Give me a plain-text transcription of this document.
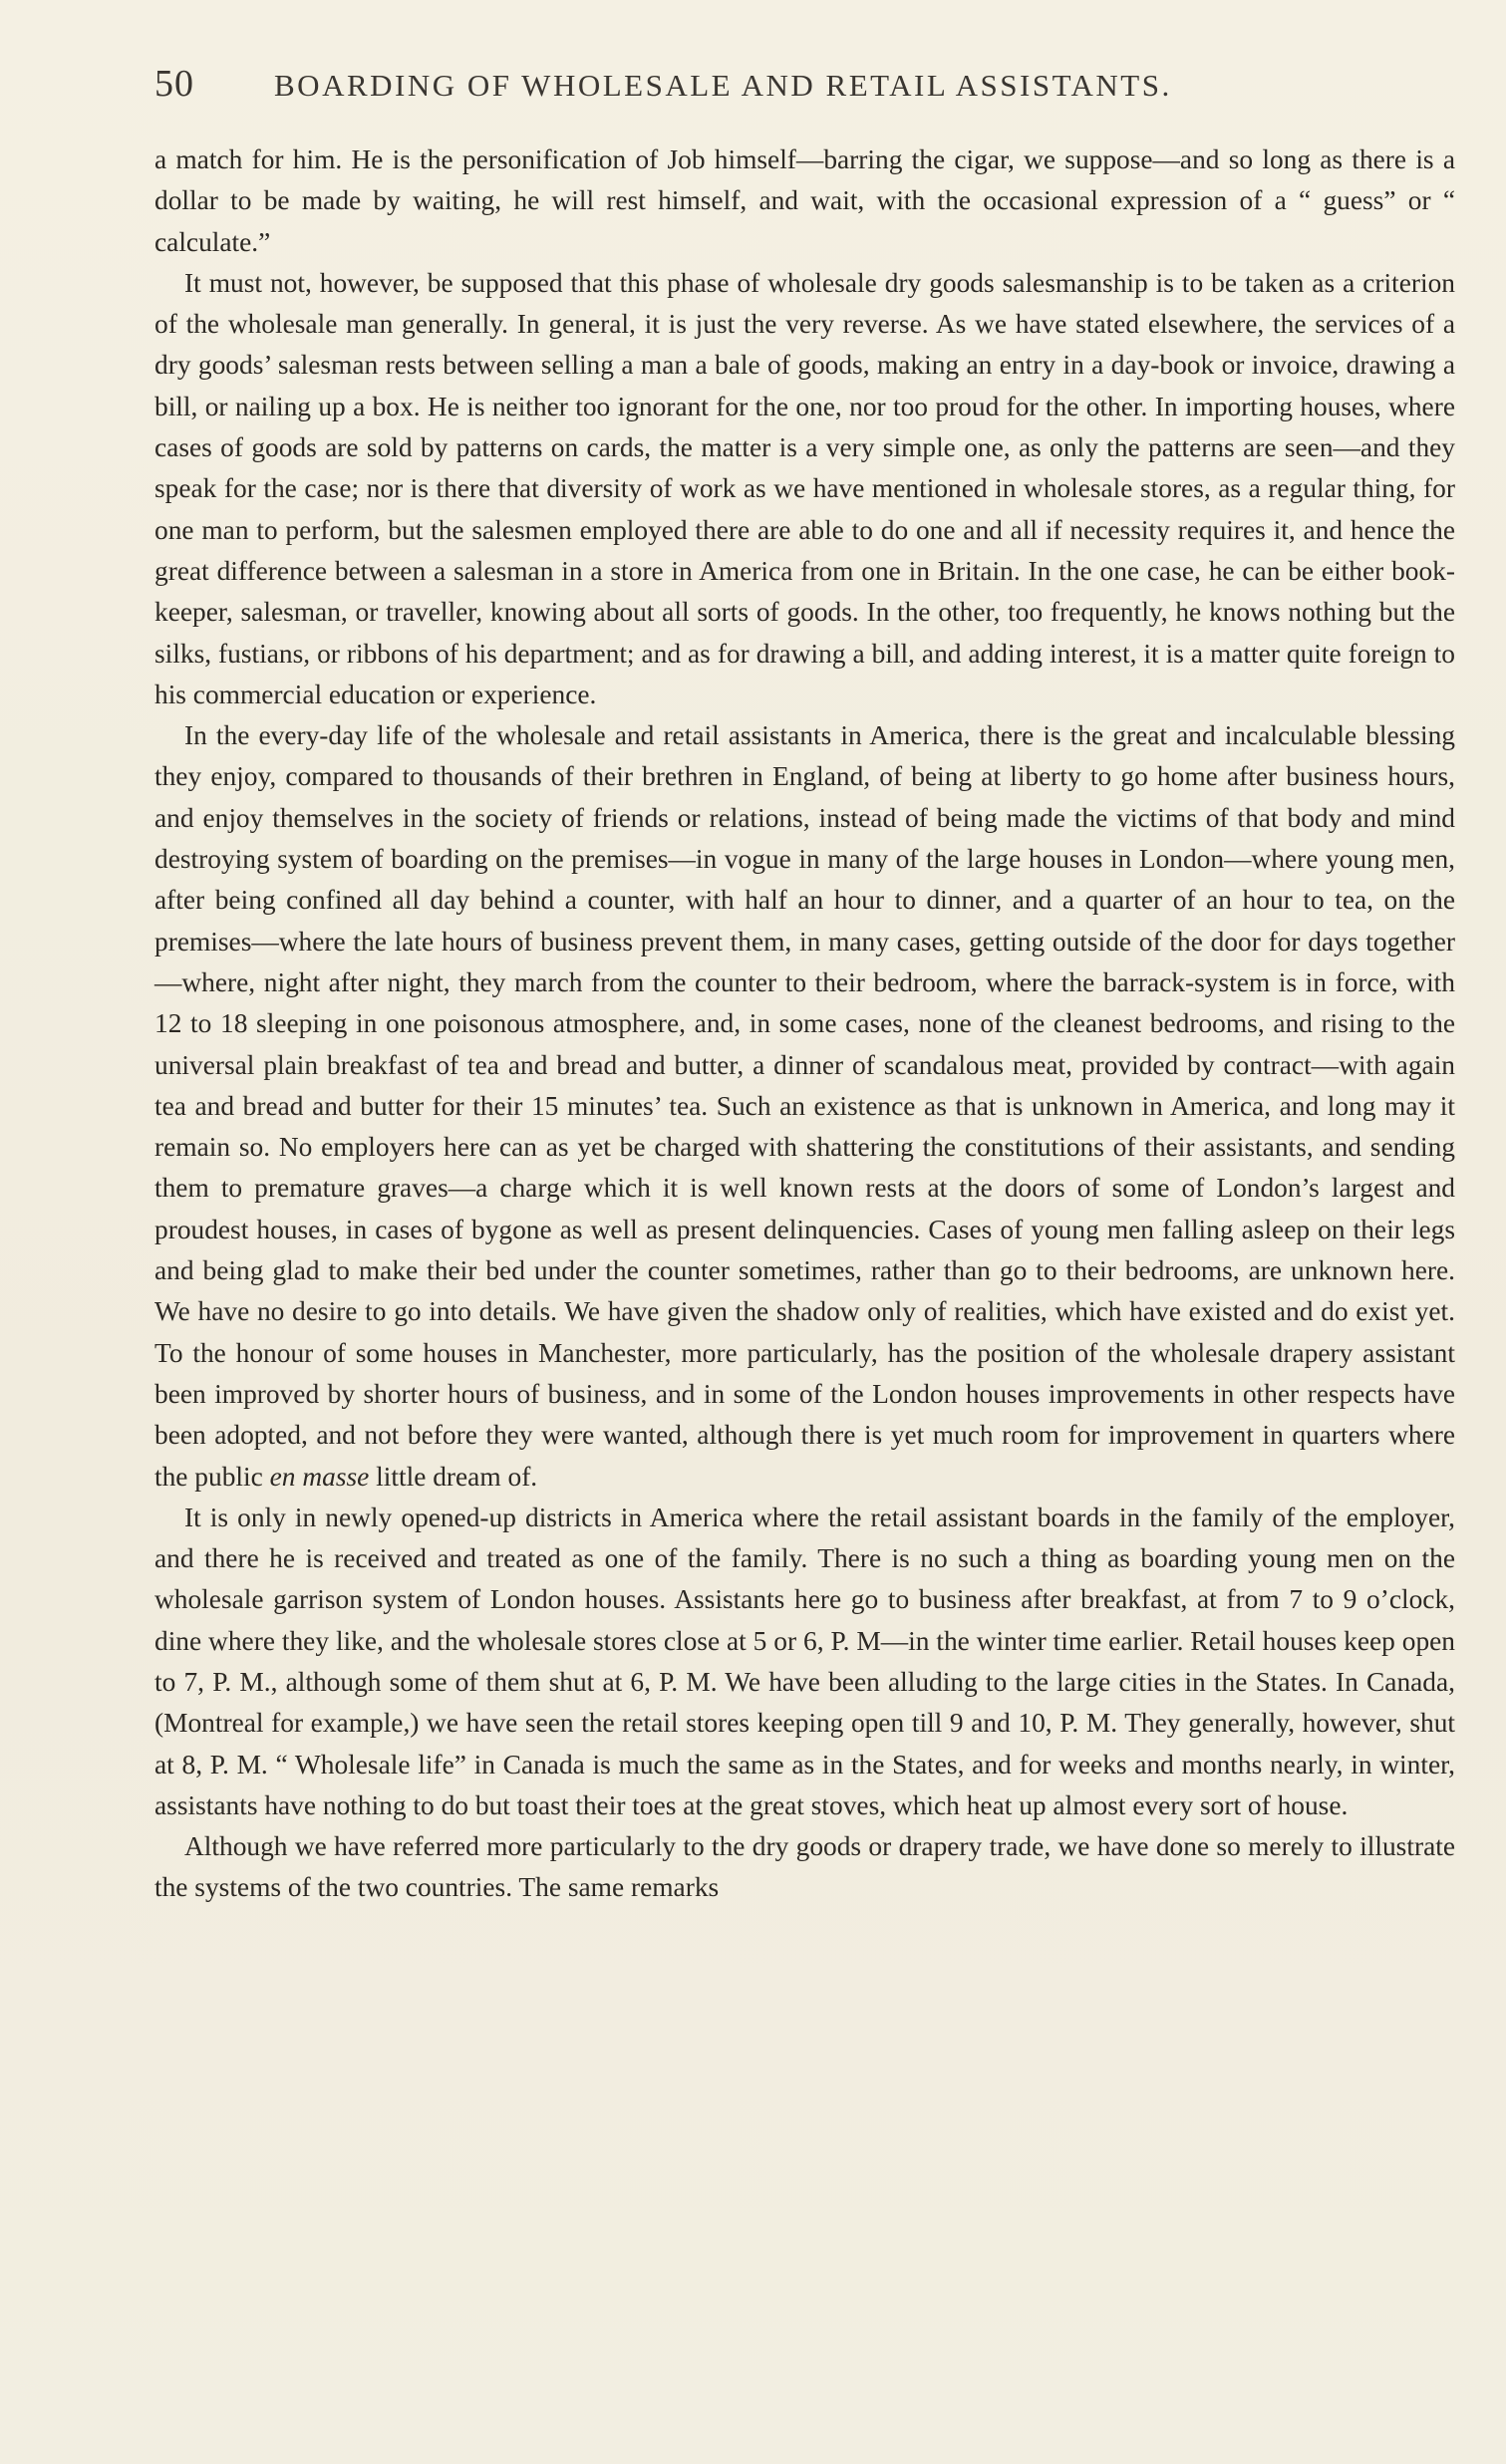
50	BOARDING OF WHOLESALE AND RETAIL ASSISTANTS.

a match for him. He is the personification of Job himself—barring the cigar, we suppose—and so long as there is a dollar to be made by waiting, he will rest himself, and wait, with the occasional expression of a “ guess” or “ calculate.”

It must not, however, be supposed that this phase of wholesale dry goods salesmanship is to be taken as a criterion of the wholesale man generally. In general, it is just the very reverse. As we have stated elsewhere, the services of a dry goods’ salesman rests between selling a man a bale of goods, making an entry in a day-book or invoice, drawing a bill, or nailing up a box. He is neither too ignorant for the one, nor too proud for the other. In importing houses, where cases of goods are sold by patterns on cards, the matter is a very simple one, as only the patterns are seen—and they speak for the case; nor is there that diversity of work as we have mentioned in wholesale stores, as a regular thing, for one man to perform, but the salesmen employed there are able to do one and all if necessity requires it, and hence the great difference between a salesman in a store in America from one in Britain. In the one case, he can be either book-keeper, salesman, or traveller, knowing about all sorts of goods. In the other, too frequently, he knows nothing but the silks, fustians, or ribbons of his department; and as for drawing a bill, and adding interest, it is a matter quite foreign to his commercial education or experience.

In the every-day life of the wholesale and retail assistants in America, there is the great and incalculable blessing they enjoy, compared to thousands of their brethren in England, of being at liberty to go home after business hours, and enjoy themselves in the society of friends or relations, instead of being made the victims of that body and mind destroying system of boarding on the premises—in vogue in many of the large houses in London—where young men, after being confined all day behind a counter, with half an hour to dinner, and a quarter of an hour to tea, on the premises—where the late hours of business prevent them, in many cases, getting outside of the door for days together—where, night after night, they march from the counter to their bedroom, where the barrack-system is in force, with 12 to 18 sleeping in one poisonous atmosphere, and, in some cases, none of the cleanest bedrooms, and rising to the universal plain breakfast of tea and bread and butter, a dinner of scandalous meat, provided by contract—with again tea and bread and butter for their 15 minutes’ tea. Such an existence as that is unknown in America, and long may it remain so. No employers here can as yet be charged with shattering the constitutions of their assistants, and sending them to premature graves—a charge which it is well known rests at the doors of some of London’s largest and proudest houses, in cases of bygone as well as present delinquencies. Cases of young men falling asleep on their legs and being glad to make their bed under the counter sometimes, rather than go to their bedrooms, are unknown here. We have no desire to go into details. We have given the shadow only of realities, which have existed and do exist yet. To the honour of some houses in Manchester, more particularly, has the position of the wholesale drapery assistant been improved by shorter hours of business, and in some of the London houses improvements in other respects have been adopted, and not before they were wanted, although there is yet much room for improvement in quarters where the public en masse little dream of.

It is only in newly opened-up districts in America where the retail assistant boards in the family of the employer, and there he is received and treated as one of the family. There is no such a thing as boarding young men on the wholesale garrison system of London houses. Assistants here go to business after breakfast, at from 7 to 9 o’clock, dine where they like, and the wholesale stores close at 5 or 6, P. M—in the winter time earlier. Retail houses keep open to 7, P. M., although some of them shut at 6, P. M. We have been alluding to the large cities in the States. In Canada, (Montreal for example,) we have seen the retail stores keeping open till 9 and 10, P. M. They generally, however, shut at 8, P. M. “ Wholesale life” in Canada is much the same as in the States, and for weeks and months nearly, in winter, assistants have nothing to do but toast their toes at the great stoves, which heat up almost every sort of house.

Although we have referred more particularly to the dry goods or drapery trade, we have done so merely to illustrate the systems of the two countries. The same remarks
